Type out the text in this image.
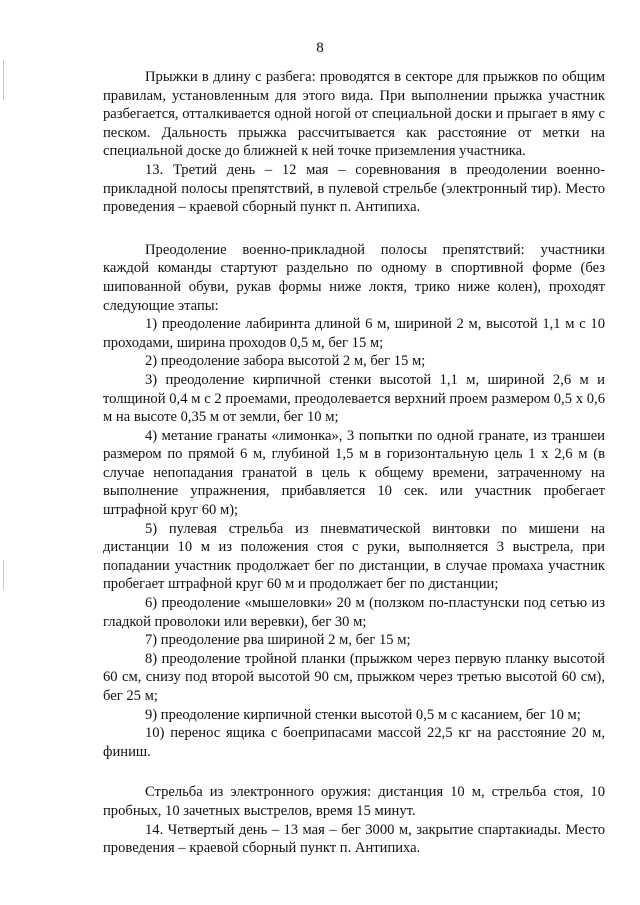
8

Прыжки в длину с разбега: проводятся в секторе для прыжков по общим правилам, установленным для этого вида. При выполнении прыжка участник разбегается, отталкивается одной ногой от специальной доски и прыгает в яму с песком. Дальность прыжка рассчитывается как расстояние от метки на специальной доске до ближней к ней точке приземления участника.

13. Третий день – 12 мая – соревнования в преодолении военно-прикладной полосы препятствий, в пулевой стрельбе (электронный тир). Место проведения – краевой сборный пункт п. Антипиха.

Преодоление военно-прикладной полосы препятствий: участники каждой команды стартуют раздельно по одному в спортивной форме (без шипованной обуви, рукав формы ниже локтя, трико ниже колен), проходят следующие этапы:

1) преодоление лабиринта длиной 6 м, шириной 2 м, высотой 1,1 м с 10 проходами, ширина проходов 0,5 м, бег 15 м;

2) преодоление забора высотой 2 м, бег 15 м;

3) преодоление кирпичной стенки высотой 1,1 м, шириной 2,6 м и толщиной 0,4 м с 2 проемами, преодолевается верхний проем размером 0,5 х 0,6 м на высоте 0,35 м от земли, бег 10 м;

4) метание гранаты «лимонка», 3 попытки по одной гранате, из траншеи размером по прямой 6 м, глубиной 1,5 м в горизонтальную цель 1 х 2,6 м (в случае непопадания гранатой в цель к общему времени, затраченному на выполнение упражнения, прибавляется 10 сек. или участник пробегает штрафной круг 60 м);

5) пулевая стрельба из пневматической винтовки по мишени на дистанции 10 м из положения стоя с руки, выполняется 3 выстрела, при попадании участник продолжает бег по дистанции, в случае промаха участник пробегает штрафной круг 60 м и продолжает бег по дистанции;

6) преодоление «мышеловки» 20 м (ползком по-пластунски под сетью из гладкой проволоки или веревки), бег 30 м;

7) преодоление рва шириной 2 м, бег 15 м;

8) преодоление тройной планки (прыжком через первую планку высотой 60 см, снизу под второй высотой 90 см, прыжком через третью высотой 60 см), бег 25 м;

9) преодоление кирпичной стенки высотой 0,5 м с касанием, бег 10 м;

10) перенос ящика с боеприпасами массой 22,5 кг на расстояние 20 м, финиш.

Стрельба из электронного оружия: дистанция 10 м, стрельба стоя, 10 пробных, 10 зачетных выстрелов, время 15 минут.

14. Четвертый день – 13 мая – бег 3000 м, закрытие спартакиады. Место проведения – краевой сборный пункт п. Антипиха.
